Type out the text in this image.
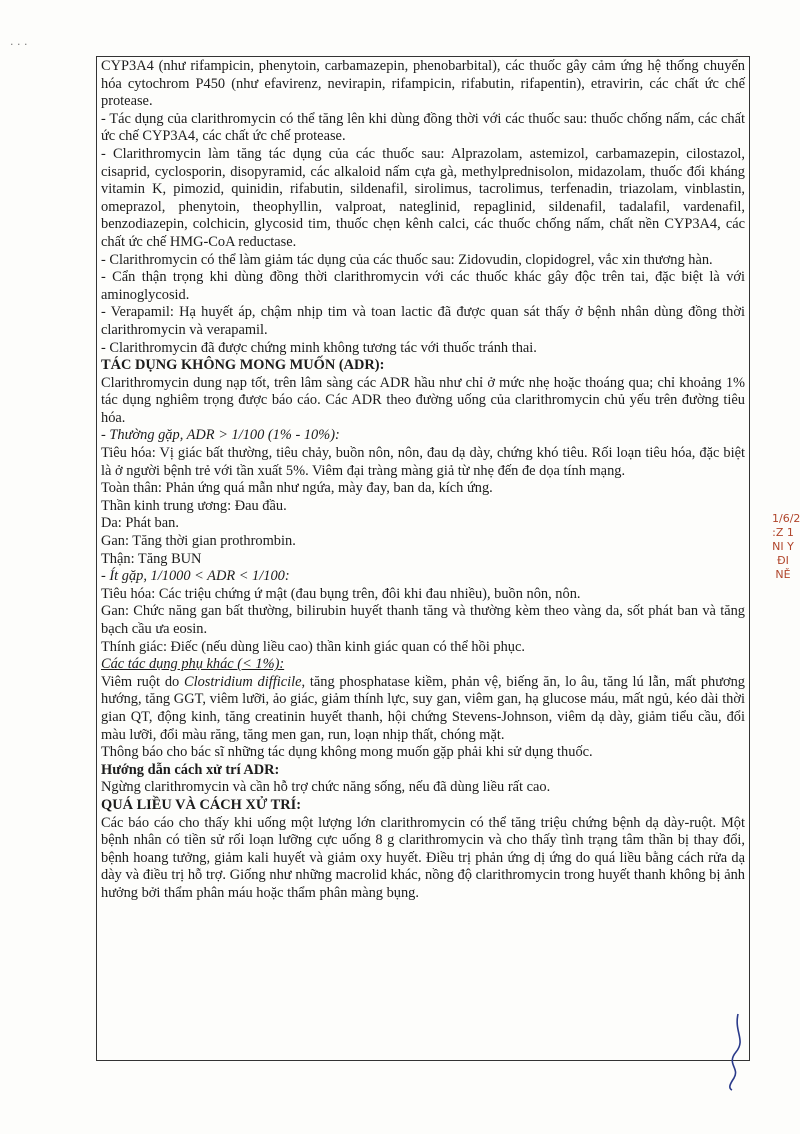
· · ·

CYP3A4 (như rifampicin, phenytoin, carbamazepin, phenobarbital), các thuốc gây cảm ứng hệ thống chuyển hóa cytochrom P450 (như efavirenz, nevirapin, rifampicin, rifabutin, rifapentin), etravirin, các chất ức chế protease.

- Tác dụng của clarithromycin có thể tăng lên khi dùng đồng thời với các thuốc sau: thuốc chống nấm, các chất ức chế CYP3A4, các chất ức chế protease.

- Clarithromycin làm tăng tác dụng của các thuốc sau: Alprazolam, astemizol, carbamazepin, cilostazol, cisaprid, cyclosporin, disopyramid, các alkaloid nấm cựa gà, methylprednisolon, midazolam, thuốc đối kháng vitamin K, pimozid, quinidin, rifabutin, sildenafil, sirolimus, tacrolimus, terfenadin, triazolam, vinblastin, omeprazol, phenytoin, theophyllin, valproat, nateglinid, repaglinid, sildenafil, tadalafil, vardenafil, benzodiazepin, colchicin, glycosid tim, thuốc chẹn kênh calci, các thuốc chống nấm, chất nền CYP3A4, các chất ức chế HMG-CoA reductase.

- Clarithromycin có thể làm giảm tác dụng của các thuốc sau: Zidovudin, clopidogrel, vắc xin thương hàn.

- Cẩn thận trọng khi dùng đồng thời clarithromycin với các thuốc khác gây độc trên tai, đặc biệt là với aminoglycosid.

- Verapamil: Hạ huyết áp, chậm nhịp tim và toan lactic đã được quan sát thấy ở bệnh nhân dùng đồng thời clarithromycin và verapamil.

- Clarithromycin đã được chứng minh không tương tác với thuốc tránh thai.

TÁC DỤNG KHÔNG MONG MUỐN (ADR):

Clarithromycin dung nạp tốt, trên lâm sàng các ADR hầu như chỉ ở mức nhẹ hoặc thoáng qua; chỉ khoảng 1% tác dụng nghiêm trọng được báo cáo. Các ADR theo đường uống của clarithromycin chủ yếu trên đường tiêu hóa.

- Thường gặp, ADR > 1/100 (1% - 10%):

Tiêu hóa: Vị giác bất thường, tiêu chảy, buồn nôn, nôn, đau dạ dày, chứng khó tiêu. Rối loạn tiêu hóa, đặc biệt là ở người bệnh trẻ với tần xuất 5%. Viêm đại tràng màng giả từ nhẹ đến đe dọa tính mạng.

Toàn thân: Phản ứng quá mẫn như ngứa, mày đay, ban da, kích ứng.

Thần kinh trung ương: Đau đầu.

Da: Phát ban.

Gan: Tăng thời gian prothrombin.

Thận: Tăng BUN

- Ít gặp, 1/1000 < ADR < 1/100:

Tiêu hóa: Các triệu chứng ứ mật (đau bụng trên, đôi khi đau nhiều), buồn nôn, nôn.

Gan: Chức năng gan bất thường, bilirubin huyết thanh tăng và thường kèm theo vàng da, sốt phát ban và tăng bạch cầu ưa eosin.

Thính giác: Điếc (nếu dùng liều cao) thần kinh giác quan có thể hồi phục.

Các tác dụng phụ khác (< 1%):

Viêm ruột do Clostridium difficile, tăng phosphatase kiềm, phản vệ, biếng ăn, lo âu, tăng lú lẫn, mất phương hướng, tăng GGT, viêm lưỡi, ảo giác, giảm thính lực, suy gan, viêm gan, hạ glucose máu, mất ngủ, kéo dài thời gian QT, động kinh, tăng creatinin huyết thanh, hội chứng Stevens-Johnson, viêm dạ dày, giảm tiểu cầu, đổi màu lưỡi, đổi màu răng, tăng men gan, run, loạn nhịp thất, chóng mặt.

Thông báo cho bác sĩ những tác dụng không mong muốn gặp phải khi sử dụng thuốc.

Hướng dẫn cách xử trí ADR:

Ngừng clarithromycin và cần hỗ trợ chức năng sống, nếu đã dùng liều rất cao.

QUÁ LIỀU VÀ CÁCH XỬ TRÍ:

Các báo cáo cho thấy khi uống một lượng lớn clarithromycin có thể tăng triệu chứng bệnh dạ dày-ruột. Một bệnh nhân có tiền sử rối loạn lưỡng cực uống 8 g clarithromycin và cho thấy tình trạng tâm thần bị thay đổi, bệnh hoang tưởng, giảm kali huyết và giảm oxy huyết. Điều trị phản ứng dị ứng do quá liều bằng cách rửa dạ dày và điều trị hỗ trợ. Giống như những macrolid khác, nồng độ clarithromycin trong huyết thanh không bị ảnh hưởng bởi thẩm phân máu hoặc thẩm phân màng bụng.

1/6/2 :Z 1 NI Y ĐI NĚ
